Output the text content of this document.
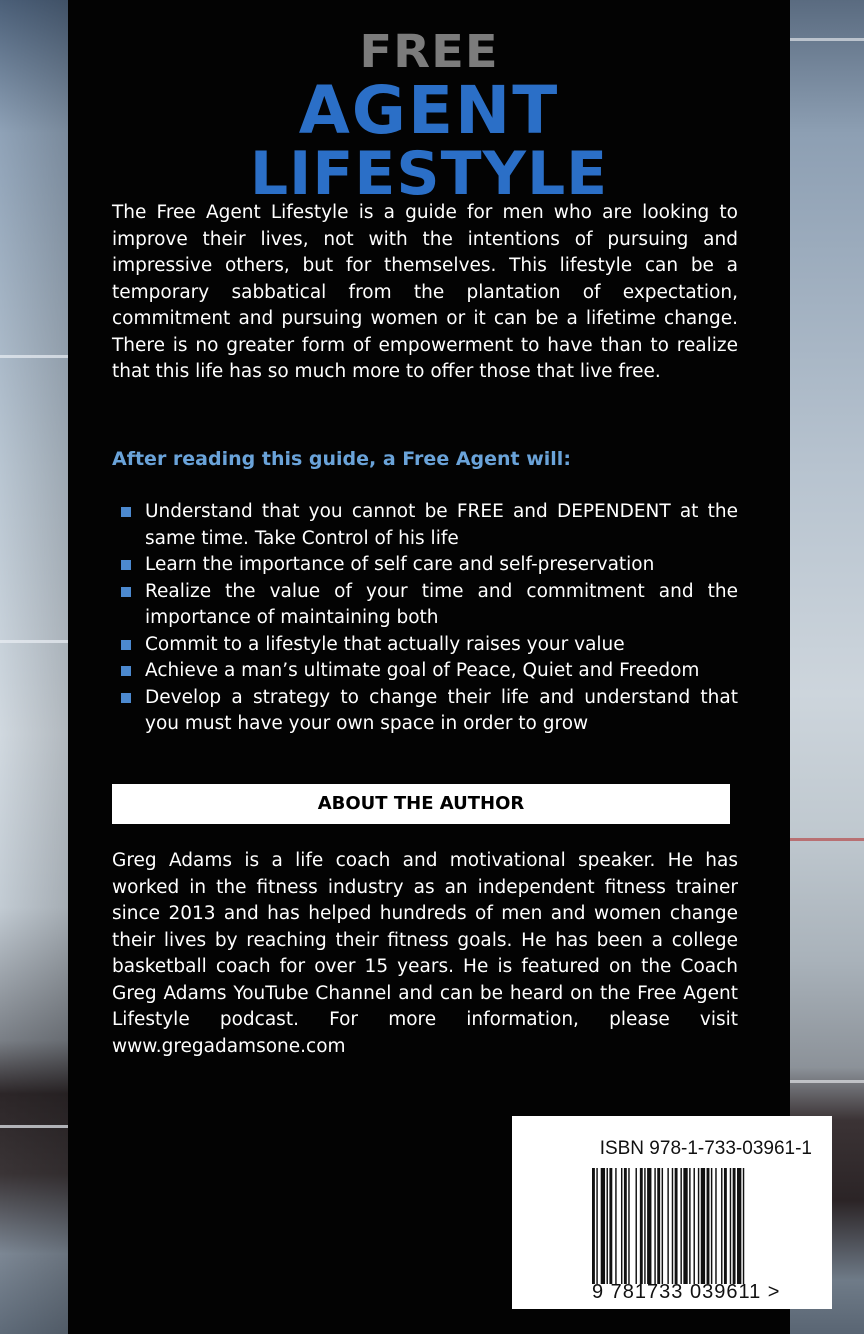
FREE
AGENT
LIFESTYLE

The Free Agent Lifestyle is a guide for men who are looking to improve their lives, not with the intentions of pursuing and impressive others, but for themselves. This lifestyle can be a temporary sabbatical from the plantation of expectation, commitment and pursuing women or it can be a lifetime change. There is no greater form of empowerment to have than to realize that this life has so much more to offer those that live free.

After reading this guide, a Free Agent will:

Understand that you cannot be FREE and DEPENDENT at the same time. Take Control of his life
Learn the importance of self care and self-preservation
Realize the value of your time and commitment and the importance of maintaining both
Commit to a lifestyle that actually raises your value
Achieve a man’s ultimate goal of Peace, Quiet and Freedom
Develop a strategy to change their life and understand that you must have your own space in order to grow
ABOUT THE AUTHOR

Greg Adams is a life coach and motivational speaker. He has worked in the fitness industry as an independent fitness trainer since 2013 and has helped hundreds of men and women change their lives by reaching their fitness goals. He has been a college basketball coach for over 15 years. He is featured on the Coach Greg Adams YouTube Channel and can be heard on the Free Agent Lifestyle podcast. For more information, please visit www.gregadamsone.com

ISBN 978-1-733-03961-1
9 781733 039611 >
